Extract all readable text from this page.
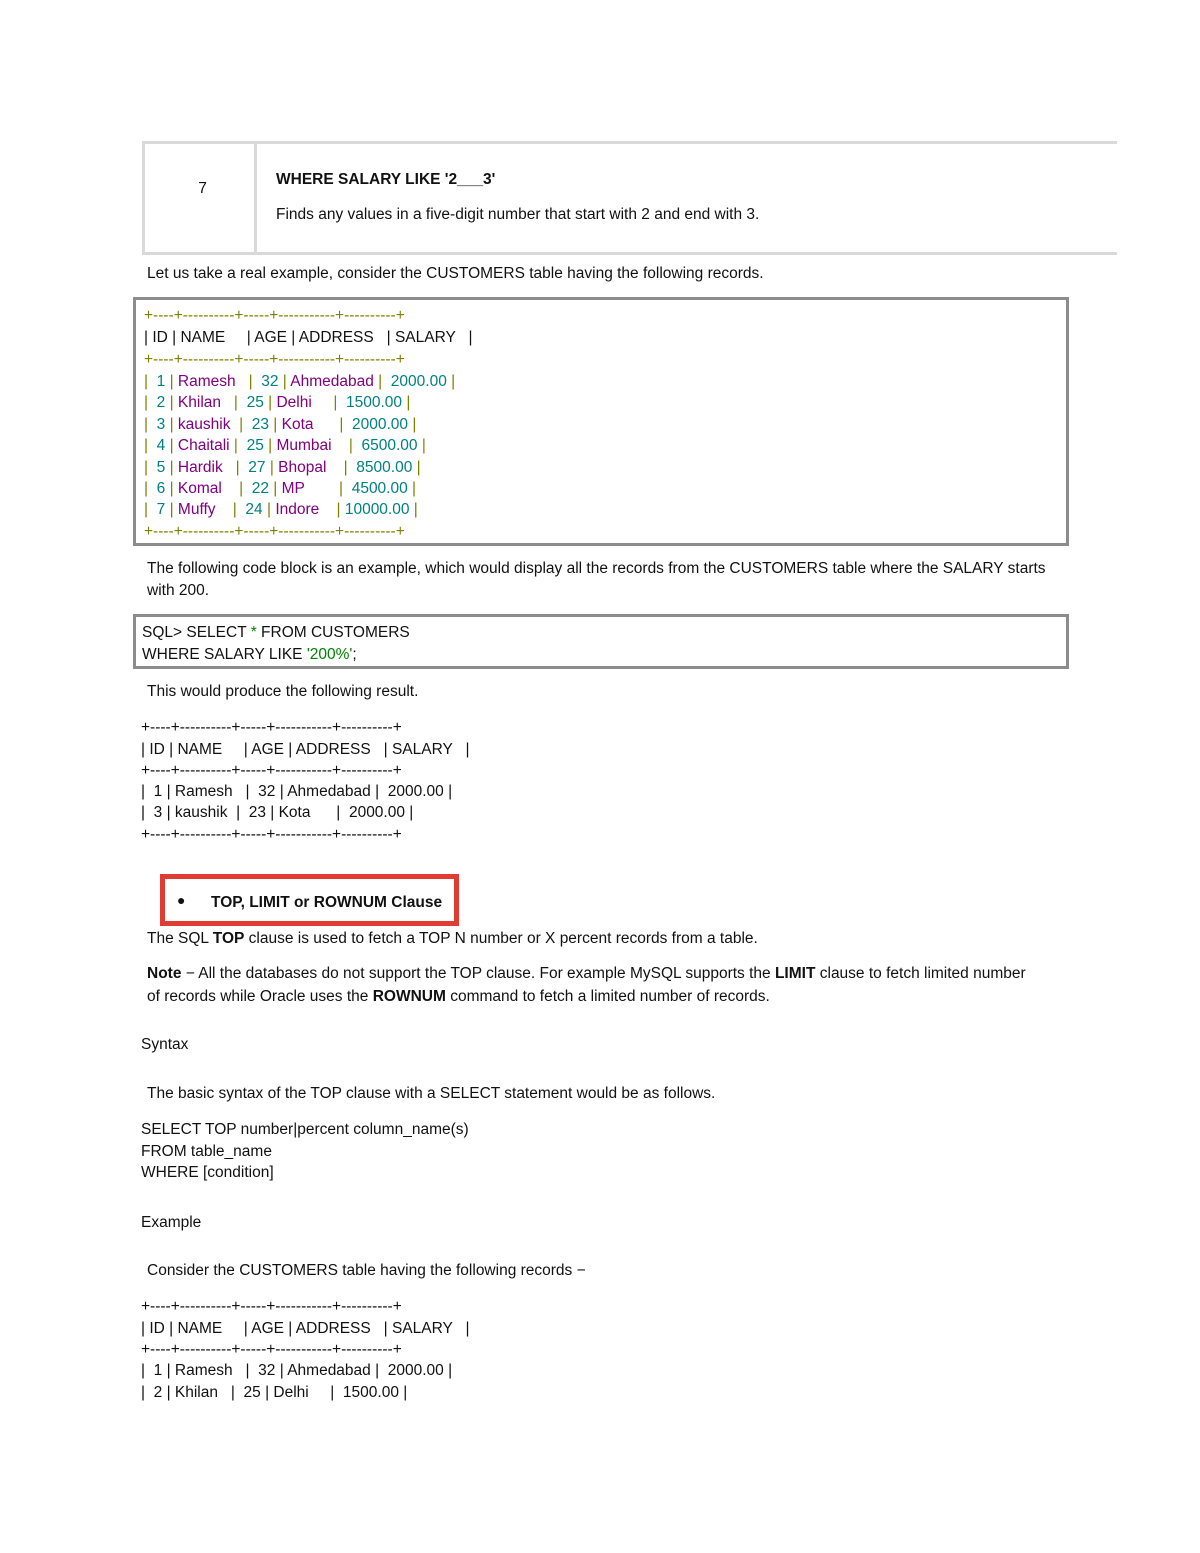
7
WHERE SALARY LIKE '2___3'
Finds any values in a five-digit number that start with 2 and end with 3.
Let us take a real example, consider the CUSTOMERS table having the following records.
+----+----------+-----+-----------+----------+
| ID | NAME     | AGE | ADDRESS   | SALARY   |
+----+----------+-----+-----------+----------+
|  1 | Ramesh   |  32 | Ahmedabad |  2000.00 |
|  2 | Khilan   |  25 | Delhi     |  1500.00 |
|  3 | kaushik  |  23 | Kota      |  2000.00 |
|  4 | Chaitali |  25 | Mumbai    |  6500.00 |
|  5 | Hardik   |  27 | Bhopal    |  8500.00 |
|  6 | Komal    |  22 | MP        |  4500.00 |
|  7 | Muffy    |  24 | Indore    | 10000.00 |
+----+----------+-----+-----------+----------+
The following code block is an example, which would display all the records from the CUSTOMERS table where the SALARY starts
with 200.
SQL> SELECT * FROM CUSTOMERS
WHERE SALARY LIKE '200%';
This would produce the following result.
+----+----------+-----+-----------+----------+
| ID | NAME     | AGE | ADDRESS   | SALARY   |
+----+----------+-----+-----------+----------+
|  1 | Ramesh   |  32 | Ahmedabad |  2000.00 |
|  3 | kaushik  |  23 | Kota      |  2000.00 |
+----+----------+-----+-----------+----------+
● TOP, LIMIT or ROWNUM Clause
The SQL TOP clause is used to fetch a TOP N number or X percent records from a table.
Note − All the databases do not support the TOP clause. For example MySQL supports the LIMIT clause to fetch limited number
of records while Oracle uses the ROWNUM command to fetch a limited number of records.
Syntax
The basic syntax of the TOP clause with a SELECT statement would be as follows.
SELECT TOP number|percent column_name(s)
FROM table_name
WHERE [condition]
Example
Consider the CUSTOMERS table having the following records −
+----+----------+-----+-----------+----------+
| ID | NAME     | AGE | ADDRESS   | SALARY   |
+----+----------+-----+-----------+----------+
|  1 | Ramesh   |  32 | Ahmedabad |  2000.00 |
|  2 | Khilan   |  25 | Delhi     |  1500.00 |
